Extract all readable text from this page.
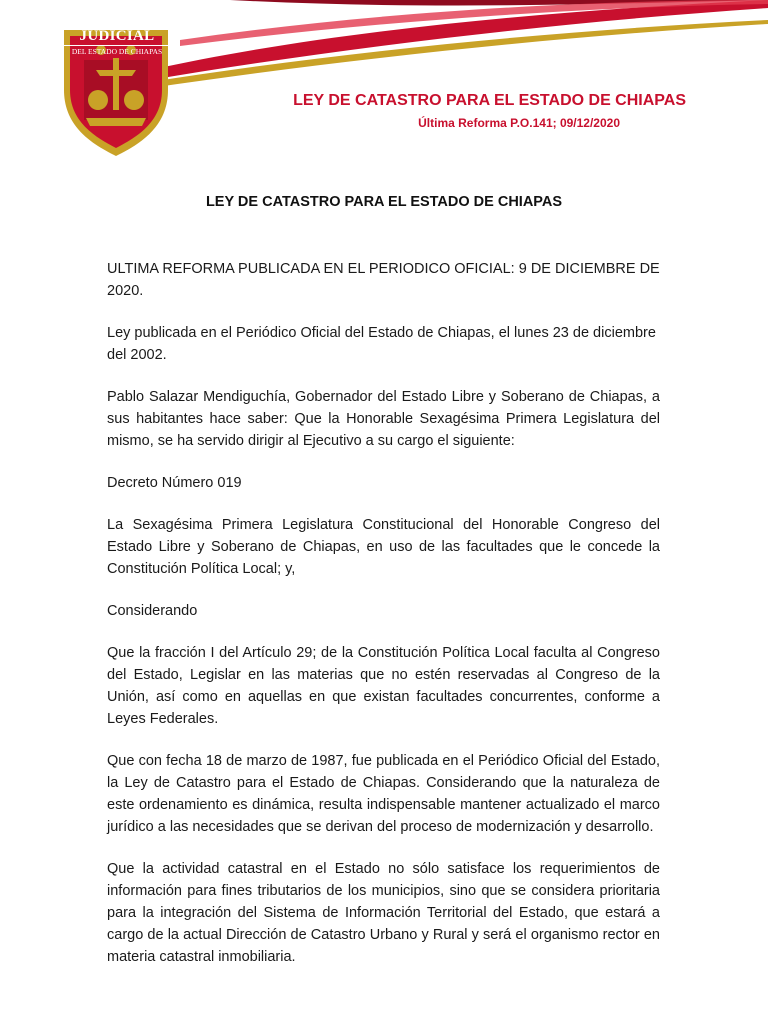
PODER JUDICIAL
DEL ESTADO DE CHIAPAS
LEY DE CATASTRO PARA EL ESTADO DE CHIAPAS
Última Reforma P.O.141; 09/12/2020
LEY DE CATASTRO PARA EL ESTADO DE CHIAPAS

ULTIMA REFORMA PUBLICADA EN EL PERIODICO OFICIAL: 9 DE DICIEMBRE DE 2020.

Ley publicada en el Periódico Oficial del Estado de Chiapas, el lunes 23 de diciembre del 2002.

Pablo Salazar Mendiguchía, Gobernador del Estado Libre y Soberano de Chiapas, a sus habitantes hace saber: Que la Honorable Sexagésima Primera Legislatura del mismo, se ha servido dirigir al Ejecutivo a su cargo el siguiente:

Decreto Número 019

La Sexagésima Primera Legislatura Constitucional del Honorable Congreso del Estado Libre y Soberano de Chiapas, en uso de las facultades que le concede la Constitución Política Local; y,

Considerando

Que la fracción I del Artículo 29; de la Constitución Política Local faculta al Congreso del Estado, Legislar en las materias que no estén reservadas al Congreso de la Unión, así como en aquellas en que existan facultades concurrentes, conforme a Leyes Federales.

Que con fecha 18 de marzo de 1987, fue publicada en el Periódico Oficial del Estado, la Ley de Catastro para el Estado de Chiapas. Considerando que la naturaleza de este ordenamiento es dinámica, resulta indispensable mantener actualizado el marco jurídico a las necesidades que se derivan del proceso de modernización y desarrollo.

Que la actividad catastral en el Estado no sólo satisface los requerimientos de información para fines tributarios de los municipios, sino que se considera prioritaria para la integración del Sistema de Información Territorial del Estado, que estará a cargo de la actual Dirección de Catastro Urbano y Rural y será el organismo rector en materia catastral inmobiliaria.
